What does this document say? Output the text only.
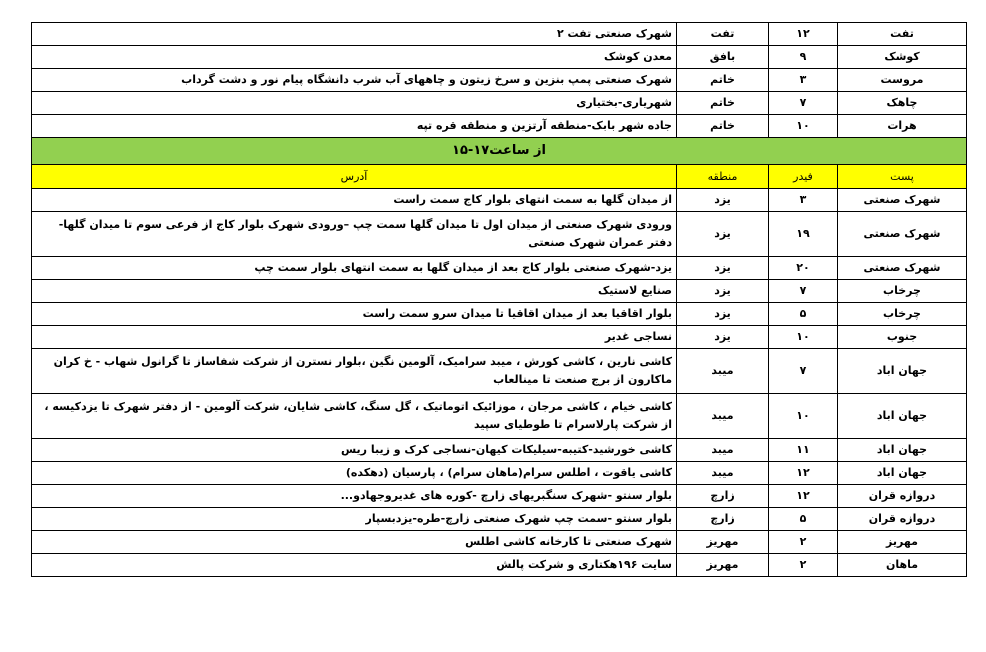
تفت	۱۲	تفت	شهرک صنعتی تفت ۲
کوشک	۹	بافق	معدن کوشک
مروست	۳	خاتم	شهرک صنعتی پمپ بنزین و سرخ زیتون و چاههای آب شرب دانشگاه پیام نور و دشت گرداب
چاهک	۷	خاتم	شهریاری-بختیاری
هرات	۱۰	خاتم	جاده شهر بابک-منطقه آرتزین و منطقه قره تپه
از ساعت۱۷-۱۵			
پست	فیدر	منطقه	آدرس
شهرک صنعتی	۳	یزد	از میدان گلها به سمت انتهای بلوار کاج سمت راست
شهرک صنعتی	۱۹	یزد	ورودی شهرک صنعتی از میدان اول تا میدان گلها سمت چپ –ورودی شهرک بلوار کاج از فرعی سوم تا میدان گلها-دفتر عمران شهرک صنعتی
شهرک صنعتی	۲۰	یزد	یزد-شهرک صنعتی بلوار کاج بعد از میدان گلها به سمت انتهای بلوار سمت چپ
چرخاب	۷	یزد	صنایع لاستیک
چرخاب	۵	یزد	بلوار اقاقیا بعد از میدان اقاقیا تا میدان سرو سمت راست
جنوب	۱۰	یزد	نساجی غدیر
جهان اباد	۷	میبد	کاشی نارین ، کاشی کورش ، میبد سرامیک، آلومین نگین ،بلوار نسترن از شرکت شفاساز تا گرانول شهاب - خ کران ماکارون از برج صنعت تا مینالعاب
جهان اباد	۱۰	میبد	کاشی خیام ، کاشی مرجان ، موزائیک اتوماتیک ، گل سنگ، کاشی شایان، شرکت آلومین - از دفتر شهرک تا یزدکیسه ، از شرکت پارلاسرام تا طوطیای سپید
جهان اباد	۱۱	میبد	کاشی خورشید-کتیبه-سیلیکات کیهان-نساجی کرک و زیبا ریس
جهان اباد	۱۲	میبد	کاشی یاقوت ، اطلس سرام(ماهان سرام) ، پارسیان (دهکده)
دروازه قران	۱۲	زارچ	بلوار سنتو -شهرک سنگبریهای زارچ -کوره های غدیروجهادو...
دروازه قران	۵	زارچ	بلوار سنتو -سمت چپ شهرک صنعتی زارچ-طره-یزدبسپار
مهریز	۲	مهریز	شهرک صنعتی تا کارخانه کاشی اطلس
ماهان	۲	مهریز	سایت ۱۹۶هکتاری و شرکت پالش
